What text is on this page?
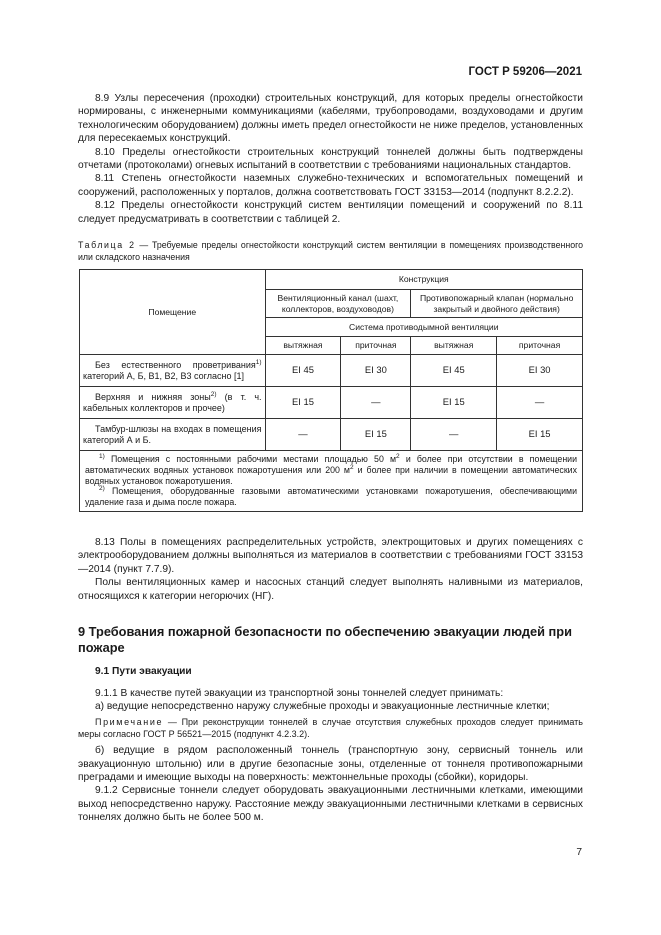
ГОСТ Р 59206—2021

8.9 Узлы пересечения (проходки) строительных конструкций, для которых пределы огнестойкости нормированы, с инженерными коммуникациями (кабелями, трубопроводами, воздуховодами и другим технологическим оборудованием) должны иметь предел огнестойкости не ниже пределов, установленных для пересекаемых конструкций.

8.10 Пределы огнестойкости строительных конструкций тоннелей должны быть подтверждены отчетами (протоколами) огневых испытаний в соответствии с требованиями национальных стандартов.

8.11 Степень огнестойкости наземных служебно-технических и вспомогательных помещений и сооружений, расположенных у порталов, должна соответствовать ГОСТ 33153—2014 (подпункт 8.2.2.2).

8.12 Пределы огнестойкости конструкций систем вентиляции помещений и сооружений по 8.11 следует предусматривать в соответствии с таблицей 2.

Таблица 2 — Требуемые пределы огнестойкости конструкций систем вентиляции в помещениях производственного или складского назначения
Помещение	Конструкция			
	Вентиляционный канал (шахт, коллекторов, воздуховодов)		Противопожарный клапан (нормально закрытый и двойного действия)	
	Система противодымной вентиляции			
	вытяжная	приточная	вытяжная	приточная
Без естественного проветривания$^{1)}$ категорий А, Б, В1, В2, В3 согласно [1]	EI 45	EI 30	EI 45	EI 30
Верхняя и нижняя зоны$^{2)}$ (в т. ч. кабельных коллекторов и прочее)	EI 15	—	EI 15	—
Тамбур-шлюзы на входах в помещения категорий А и Б.	—	EI 15	—	EI 15

$^{1)}$ Помещения с постоянными рабочими местами площадью 50 $м^2$ и более при отсутствии в помещении автоматических водяных установок пожаротушения или 200 $м^2$ и более при наличии в помещении автоматических водяных установок пожаротушения.
$^{2)}$ Помещения, оборудованные газовыми автоматическими установками пожаротушения, обеспечивающими удаление газа и дыма после пожара.				

8.13 Полы в помещениях распределительных устройств, электрощитовых и других помещениях с электрооборудованием должны выполняться из материалов в соответствии с требованиями ГОСТ 33153—2014 (пункт 7.7.9).

Полы вентиляционных камер и насосных станций следует выполнять наливными из материалов, относящихся к категории негорючих (НГ).

9 Требования пожарной безопасности по обеспечению эвакуации людей при пожаре
9.1 Пути эвакуации

9.1.1 В качестве путей эвакуации из транспортной зоны тоннелей следует принимать:

а) ведущие непосредственно наружу служебные проходы и эвакуационные лестничные клетки;

Примечание — При реконструкции тоннелей в случае отсутствия служебных проходов следует принимать меры согласно ГОСТ Р 56521—2015 (подпункт 4.2.3.2).

б) ведущие в рядом расположенный тоннель (транспортную зону, сервисный тоннель или эвакуационную штольню) или в другие безопасные зоны, отделенные от тоннеля противопожарными преградами и имеющие выходы на поверхность: межтоннельные проходы (сбойки), коридоры.

9.1.2 Сервисные тоннели следует оборудовать эвакуационными лестничными клетками, имеющими выход непосредственно наружу. Расстояние между эвакуационными лестничными клетками в сервисных тоннелях должно быть не более 500 м.

7
